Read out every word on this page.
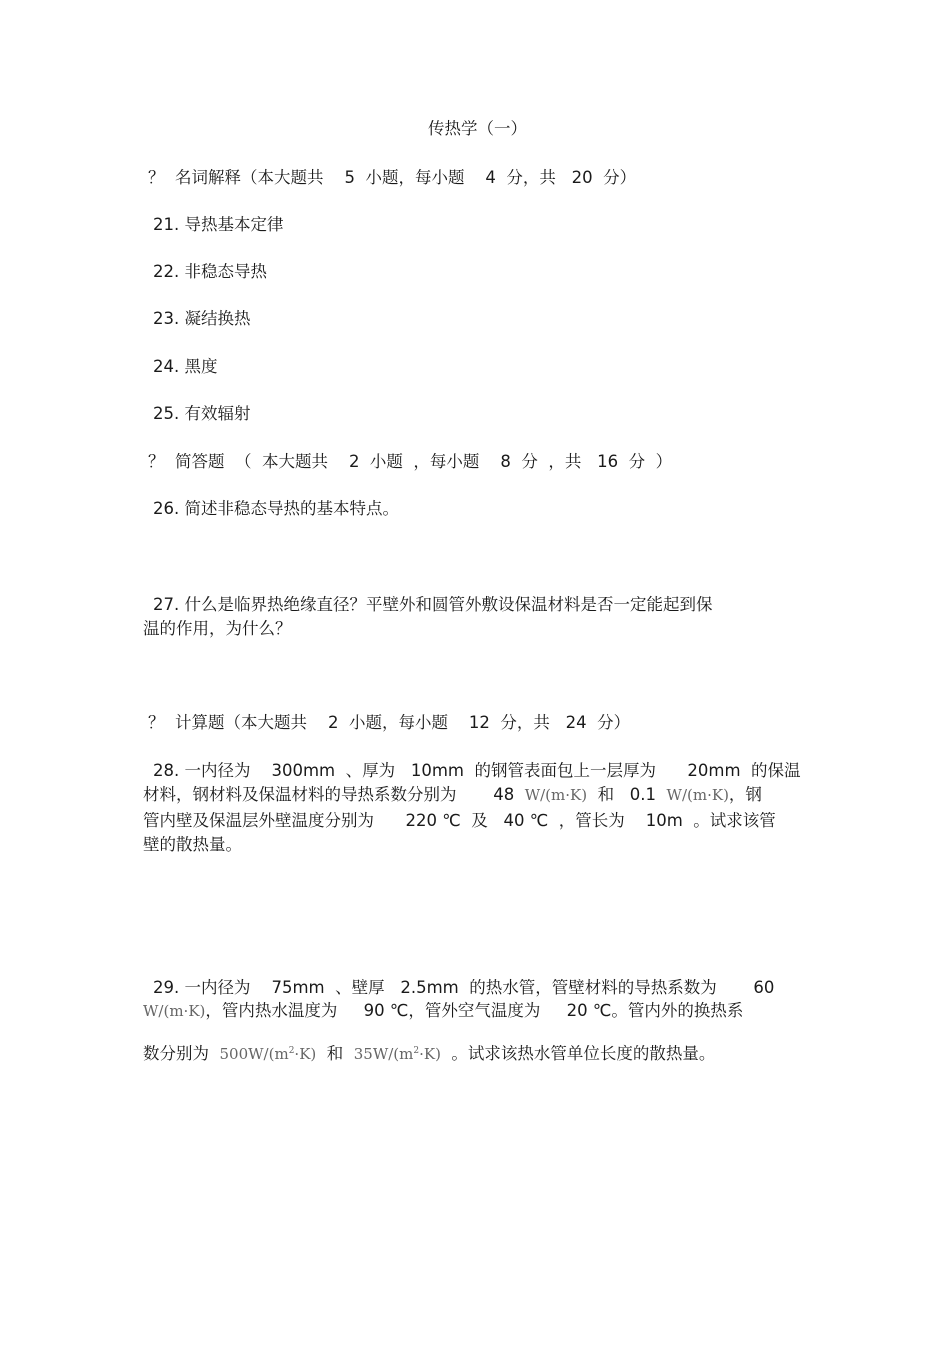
传热学（一）
？  名词解释（本大题共    5  小题，每小题    4  分，共   20  分）
21. 导热基本定律
22. 非稳态导热
23. 凝结换热
24. 黑度
25. 有效辐射
？  简答题  （  本大题共    2  小题  ，每小题    8  分  ，共   16  分  ）
26. 简述非稳态导热的基本特点。
27. 什么是临界热绝缘直径？平壁外和圆管外敷设保温材料是否一定能起到保
温的作用，为什么？
？  计算题（本大题共    2  小题，每小题    12  分，共   24  分）
28. 一内径为    300mm  、厚为   10mm  的钢管表面包上一层厚为      20mm  的保温
材料，钢材料及保温材料的导热系数分别为       48  W/(m·K)  和   0.1  W/(m·K)，钢
管内壁及保温层外壁温度分别为      220 ℃  及   40 ℃  ，管长为    10m  。试求该管
壁的散热量。
29. 一内径为    75mm  、壁厚   2.5mm  的热水管，管壁材料的导热系数为       60
W/(m·K)，管内热水温度为     90 ℃，管外空气温度为     20 ℃。管内外的换热系
数分别为  $500W/(m^2\cdot K)$  和  $35W/(m^2\cdot K)$  。试求该热水管单位长度的散热量。
